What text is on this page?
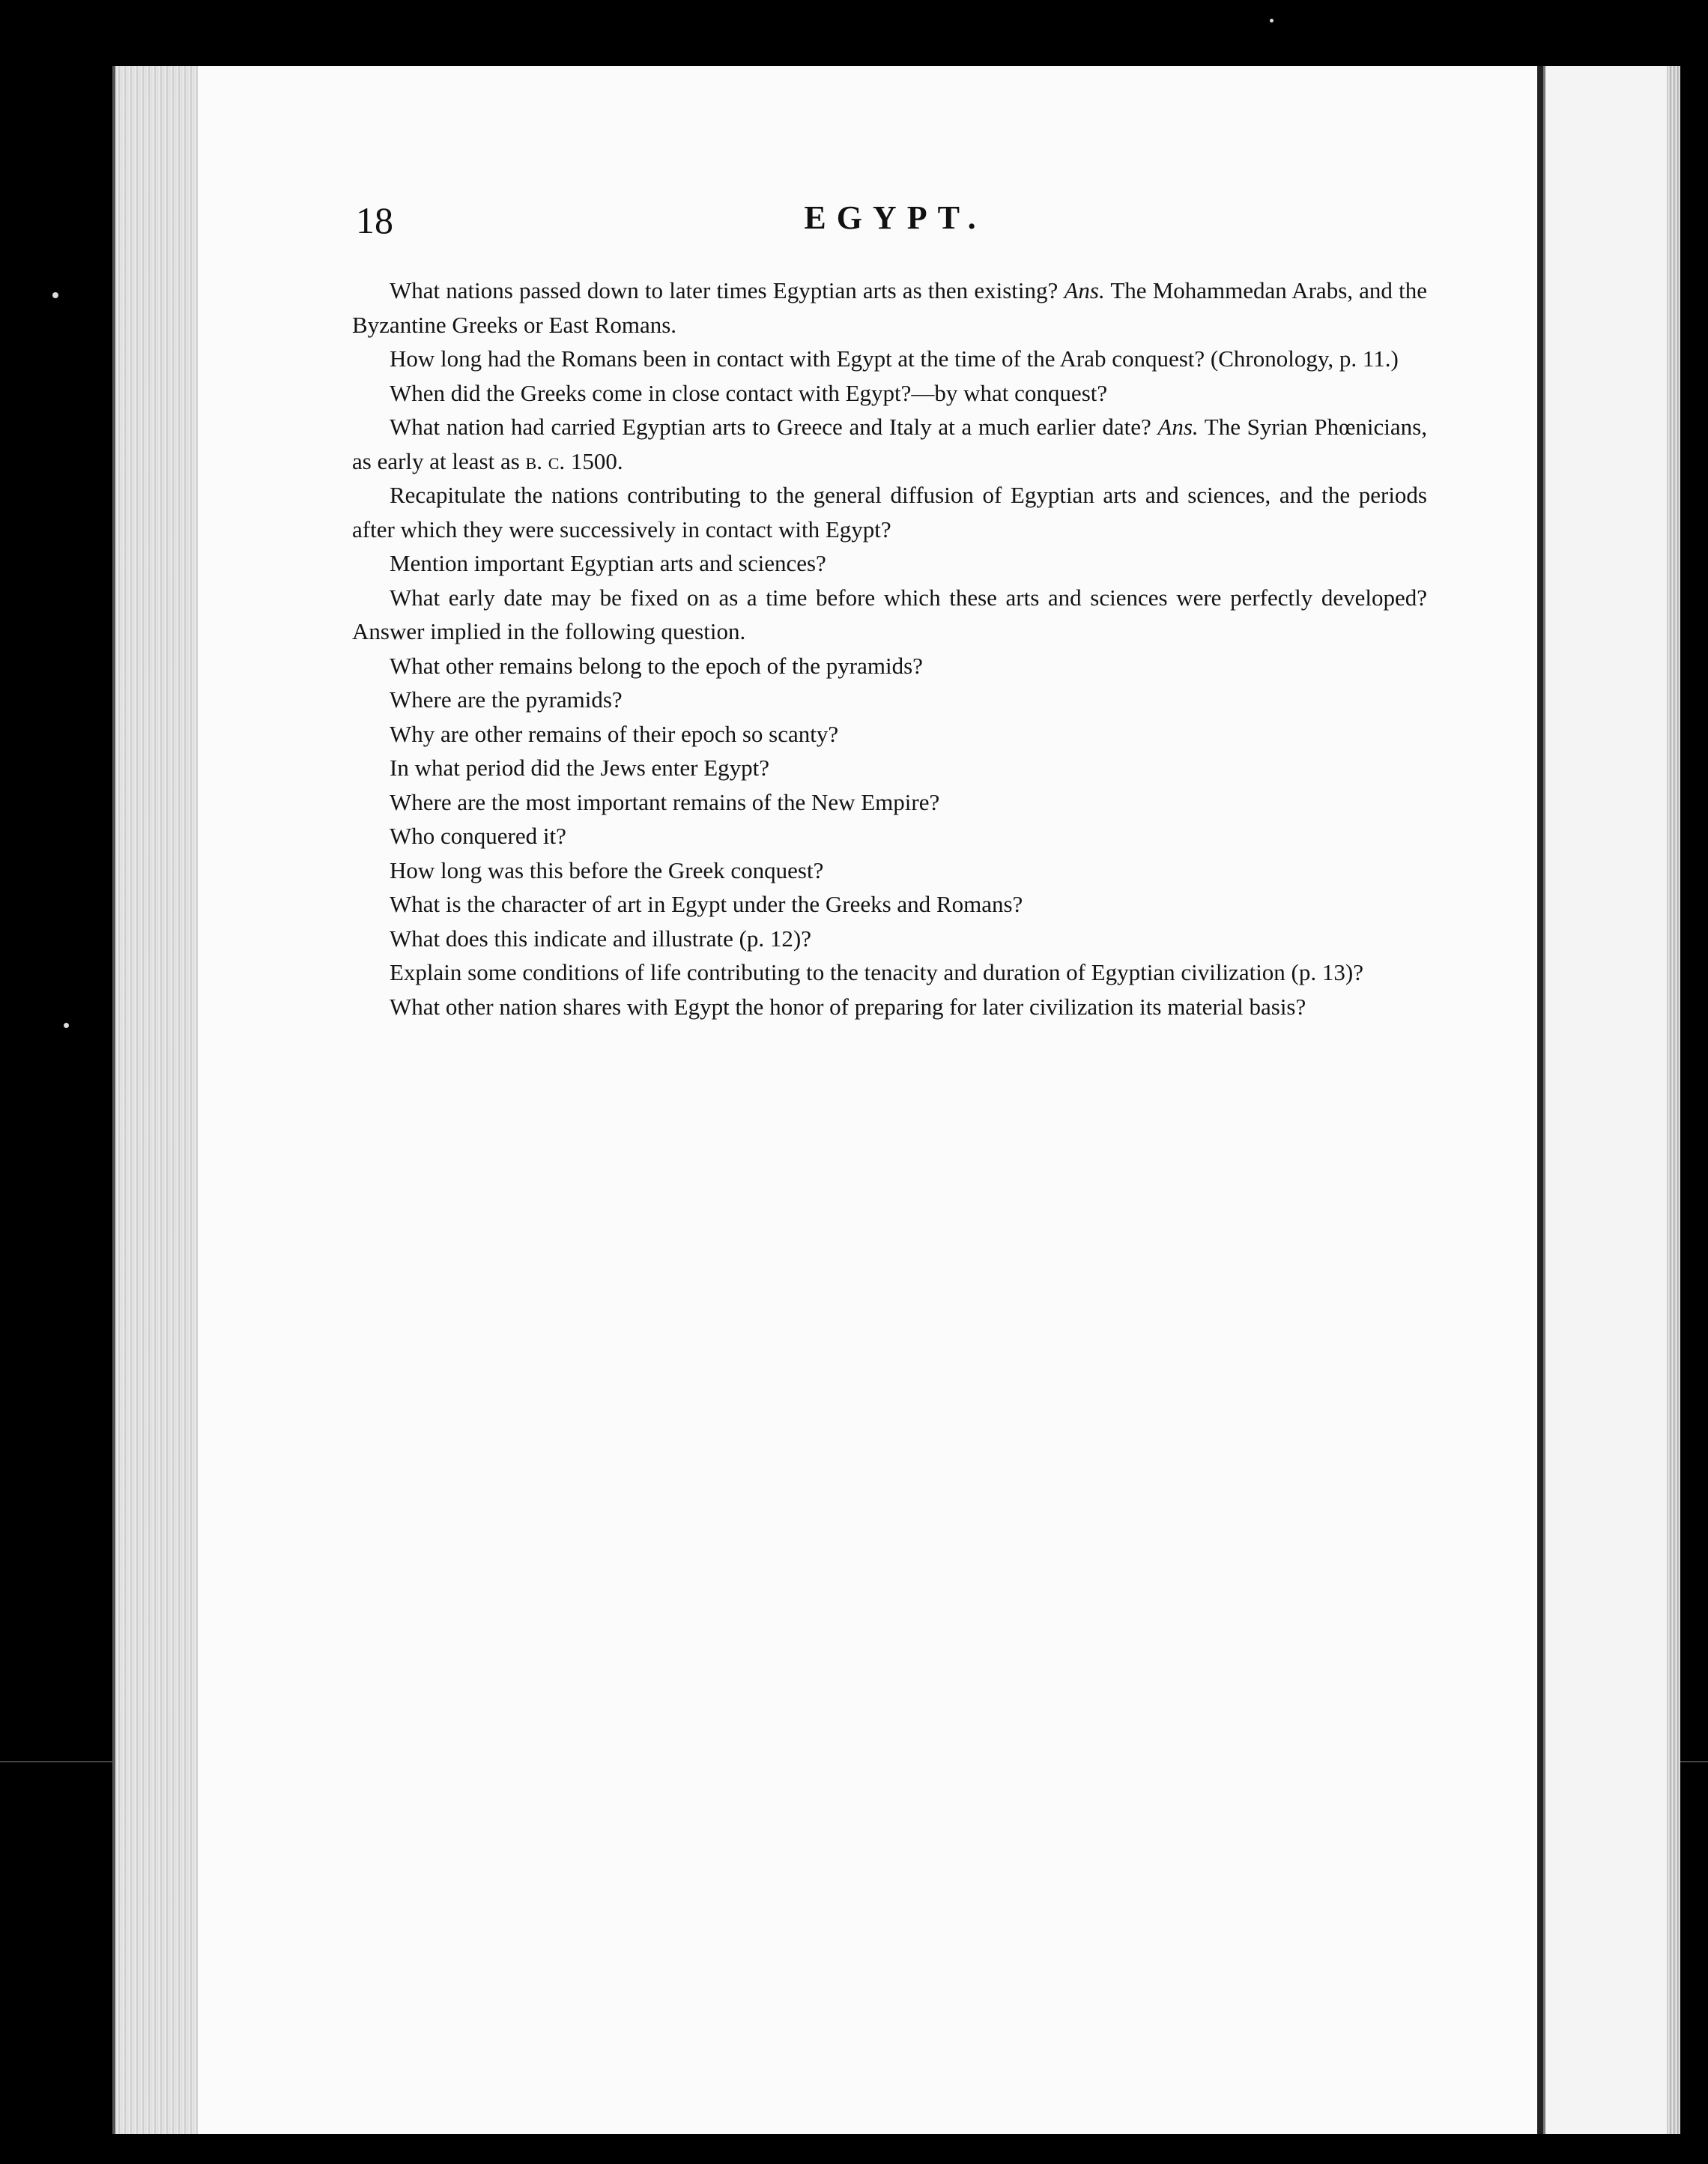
18	EGYPT.

What nations passed down to later times Egyptian arts as then existing? Ans. The Mohammedan Arabs, and the Byzantine Greeks or East Romans.

How long had the Romans been in contact with Egypt at the time of the Arab conquest? (Chronology, p. 11.)

When did the Greeks come in close contact with Egypt?—by what conquest?

What nation had carried Egyptian arts to Greece and Italy at a much earlier date? Ans. The Syrian Phœnicians, as early at least as b. c. 1500.

Recapitulate the nations contributing to the general diffusion of Egyptian arts and sciences, and the periods after which they were successively in contact with Egypt?

Mention important Egyptian arts and sciences?

What early date may be fixed on as a time before which these arts and sciences were perfectly developed? Answer implied in the following question.

What other remains belong to the epoch of the pyramids?

Where are the pyramids?

Why are other remains of their epoch so scanty?

In what period did the Jews enter Egypt?

Where are the most important remains of the New Empire?

Who conquered it?

How long was this before the Greek conquest?

What is the character of art in Egypt under the Greeks and Romans?

What does this indicate and illustrate (p. 12)?

Explain some conditions of life contributing to the tenacity and duration of Egyptian civilization (p. 13)?

What other nation shares with Egypt the honor of preparing for later civilization its material basis?
